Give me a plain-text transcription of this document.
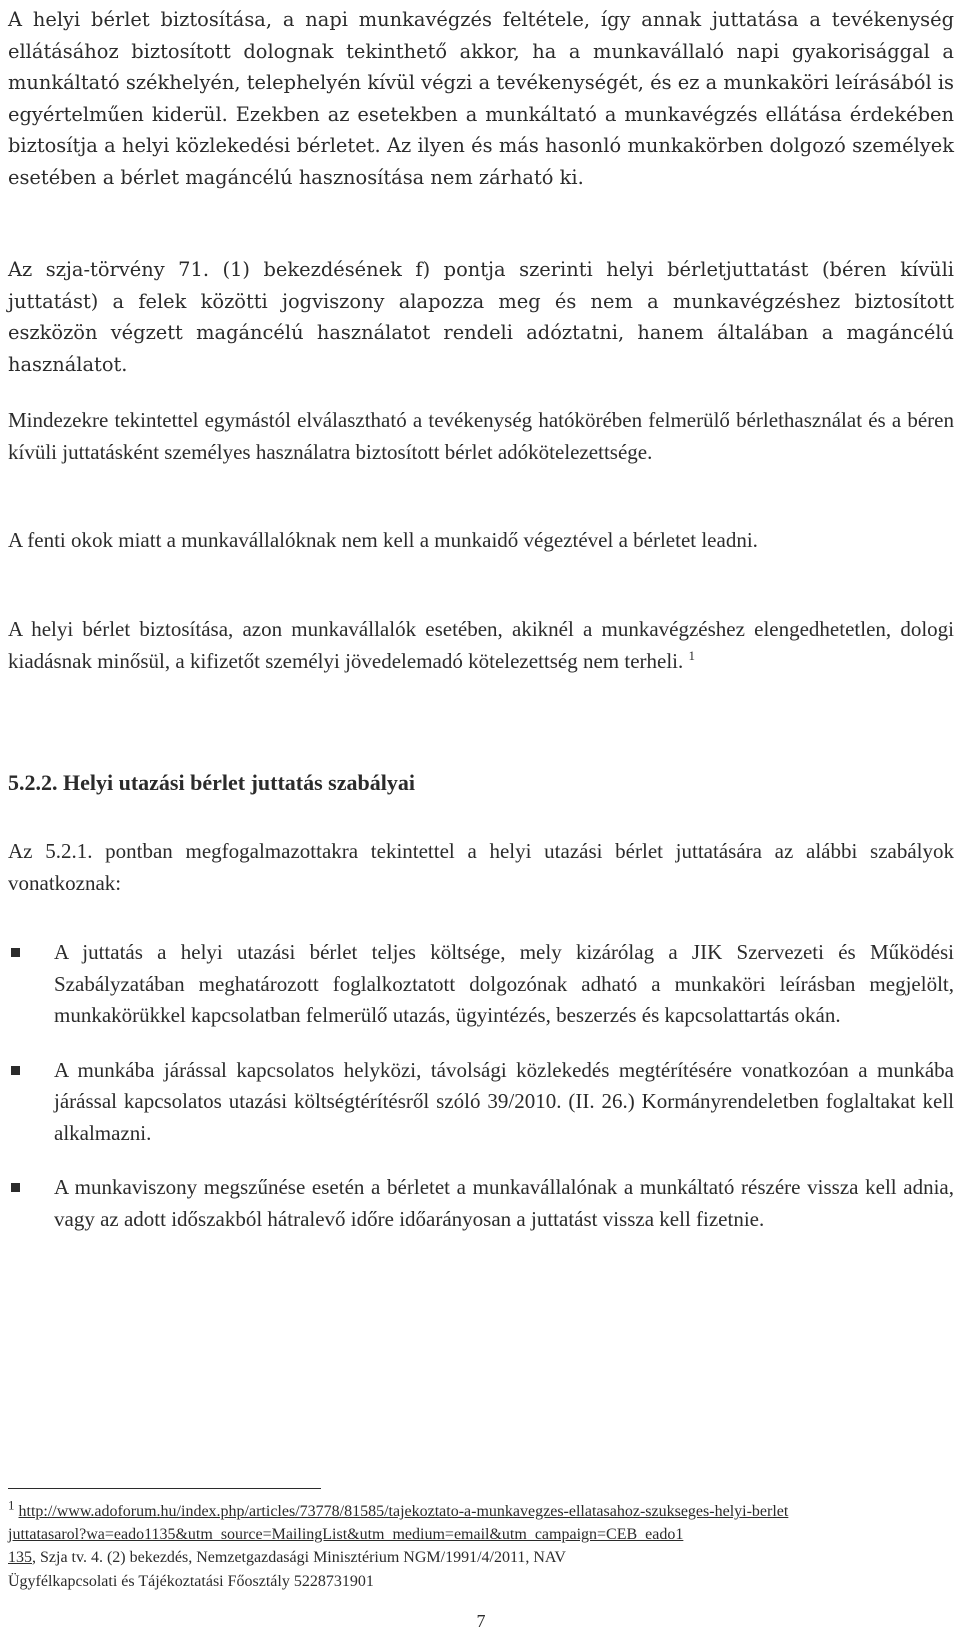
A helyi bérlet biztosítása, a napi munkavégzés feltétele, így annak juttatása a tevékenység ellátásához biztosított dolognak tekinthető akkor, ha a munkavállaló napi gyakorisággal a munkáltató székhelyén, telephelyén kívül végzi a tevékenységét, és ez a munkaköri leírásából is egyértelműen kiderül. Ezekben az esetekben a munkáltató a munkavégzés ellátása érdekében biztosítja a helyi közlekedési bérletet. Az ilyen és más hasonló munkakörben dolgozó személyek esetében a bérlet magáncélú hasznosítása nem zárható ki.

Az szja-törvény 71. (1) bekezdésének f) pontja szerinti helyi bérletjuttatást (béren kívüli juttatást) a felek közötti jogviszony alapozza meg és nem a munkavégzéshez biztosított eszközön végzett magáncélú használatot rendeli adóztatni, hanem általában a magáncélú használatot.

Mindezekre tekintettel egymástól elválasztható a tevékenység hatókörében felmerülő bérlethasználat és a béren kívüli juttatásként személyes használatra biztosított bérlet adókötelezettsége.

A fenti okok miatt a munkavállalóknak nem kell a munkaidő végeztével a bérletet leadni.

A helyi bérlet biztosítása, azon munkavállalók esetében, akiknél a munkavégzéshez elengedhetetlen, dologi kiadásnak minősül, a kifizetőt személyi jövedelemadó kötelezettség nem terheli. $^1$

5.2.2. Helyi utazási bérlet juttatás szabályai

Az 5.2.1. pontban megfogalmazottakra tekintettel a helyi utazási bérlet juttatására az alábbi szabályok vonatkoznak:

A juttatás a helyi utazási bérlet teljes költsége, mely kizárólag a JIK Szervezeti és Működési Szabályzatában meghatározott foglalkoztatott dolgozónak adható a munkaköri leírásban megjelölt, munkakörükkel kapcsolatban felmerülő utazás, ügyintézés, beszerzés és kapcsolattartás okán.

A munkába járással kapcsolatos helyközi, távolsági közlekedés megtérítésére vonatkozóan a munkába járással kapcsolatos utazási költségtérítésről szóló 39/2010. (II. 26.) Kormányrendeletben foglaltakat kell alkalmazni.

A munkaviszony megszűnése esetén a bérletet a munkavállalónak a munkáltató részére vissza kell adnia, vagy az adott időszakból hátralevő időre időarányosan a juttatást vissza kell fizetnie.

$^1$ http://www.adoforum.hu/index.php/articles/73778/81585/tajekoztato-a-munkavegzes-ellatasahoz-szukseges-helyi-berlet
juttatasarol?wa=eado1135&utm_source=MailingList&utm_medium=email&utm_campaign=CEB_eado1
135, Szja tv. 4. (2) bekezdés, Nemzetgazdasági Minisztérium NGM/1991/4/2011, NAV
Ügyfélkapcsolati és Tájékoztatási Főosztály 5228731901

7
